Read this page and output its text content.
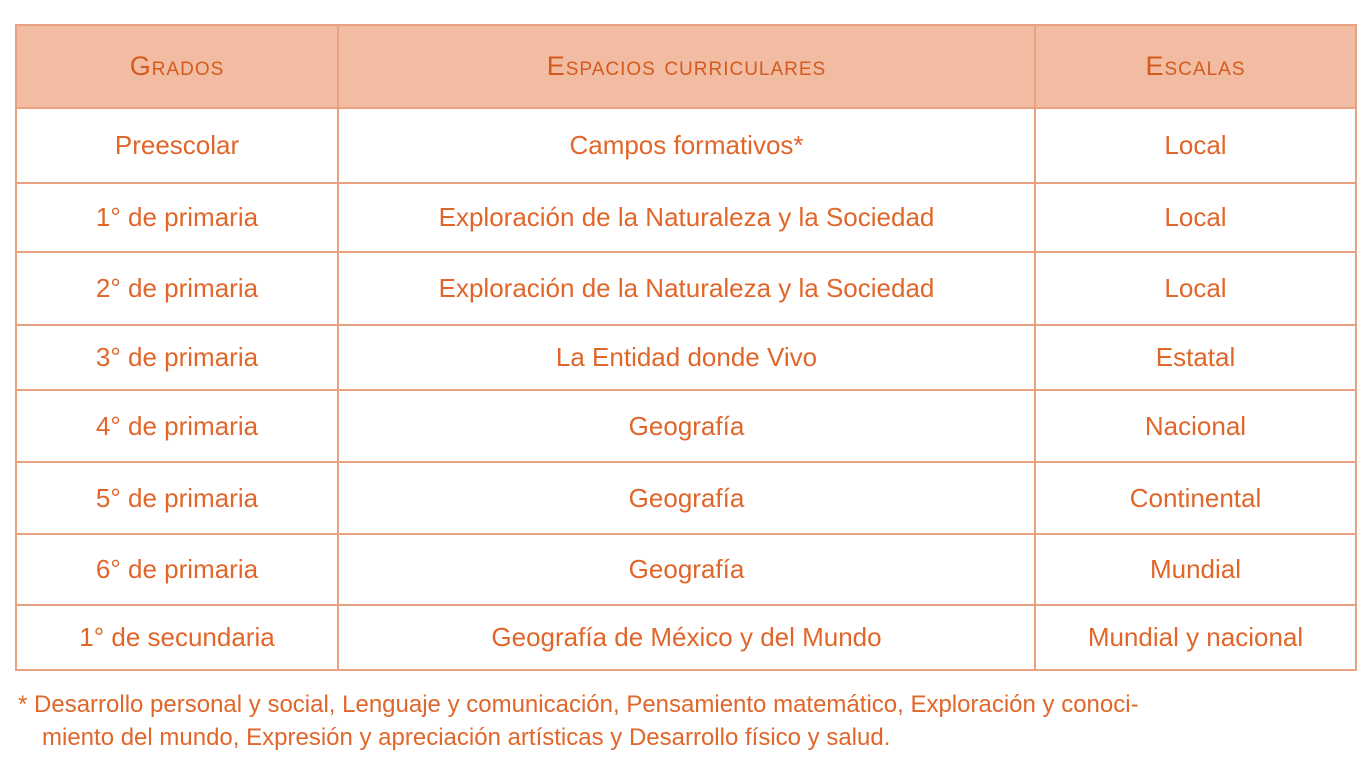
Grados	Espacios curriculares	Escalas
Preescolar	Campos formativos*	Local
1° de primaria	Exploración de la Naturaleza y la Sociedad	Local
2° de primaria	Exploración de la Naturaleza y la Sociedad	Local
3° de primaria	La Entidad donde Vivo	Estatal
4° de primaria	Geografía	Nacional
5° de primaria	Geografía	Continental
6° de primaria	Geografía	Mundial
1° de secundaria	Geografía de México y del Mundo	Mundial y nacional
* Desarrollo personal y social, Lenguaje y comunicación, Pensamiento matemático, Exploración y conoci-
miento del mundo, Expresión y apreciación artísticas y Desarrollo físico y salud.
